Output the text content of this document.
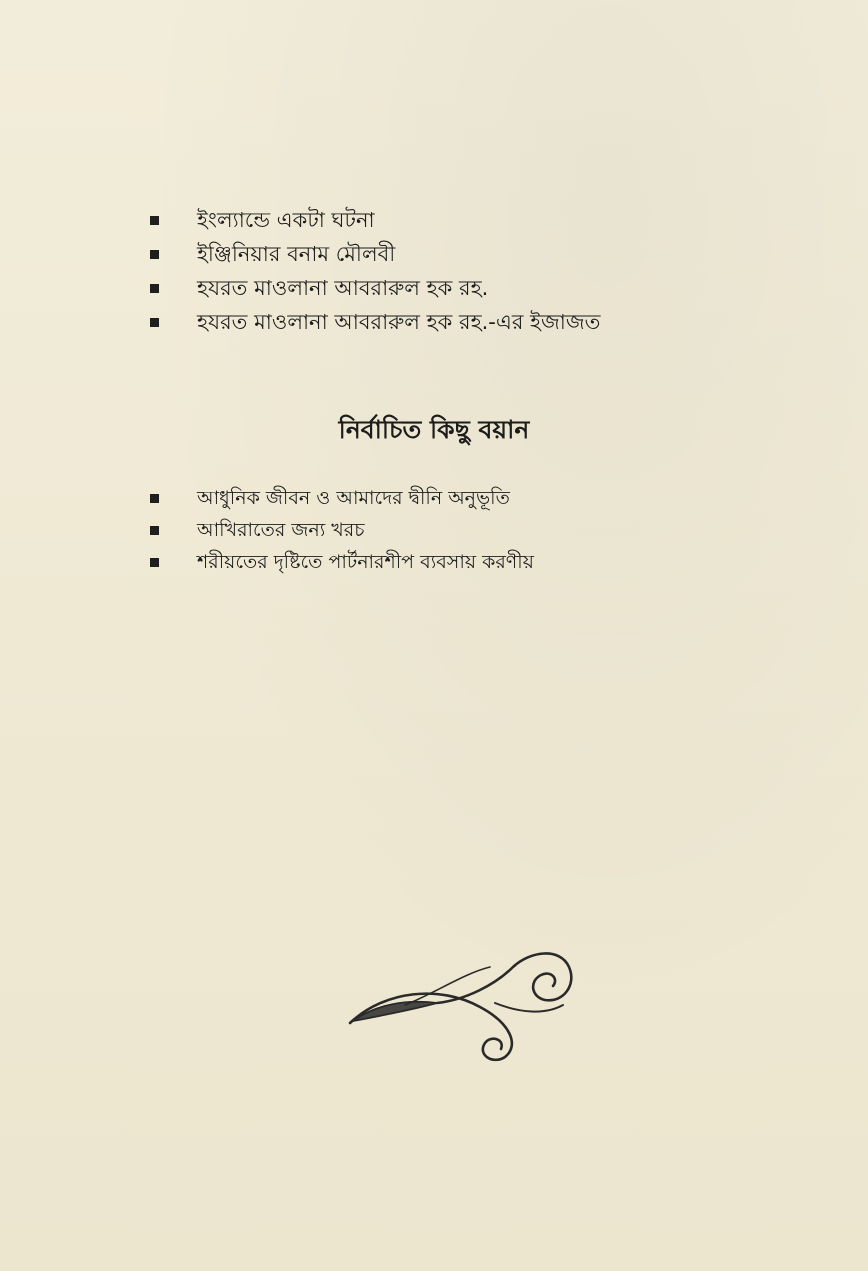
ইংল্যান্ডে একটা ঘটনা
ইঞ্জিনিয়ার বনাম মৌলবী
হযরত মাওলানা আবরারুল হক রহ.
হযরত মাওলানা আবরারুল হক রহ.-এর ইজাজত
নির্বাচিত কিছু বয়ান
আধুনিক জীবন ও আমাদের দ্বীনি অনুভূতি
আখিরাতের জন্য খরচ
শরীয়তের দৃষ্টিতে পার্টনারশীপ ব্যবসায় করণীয়
